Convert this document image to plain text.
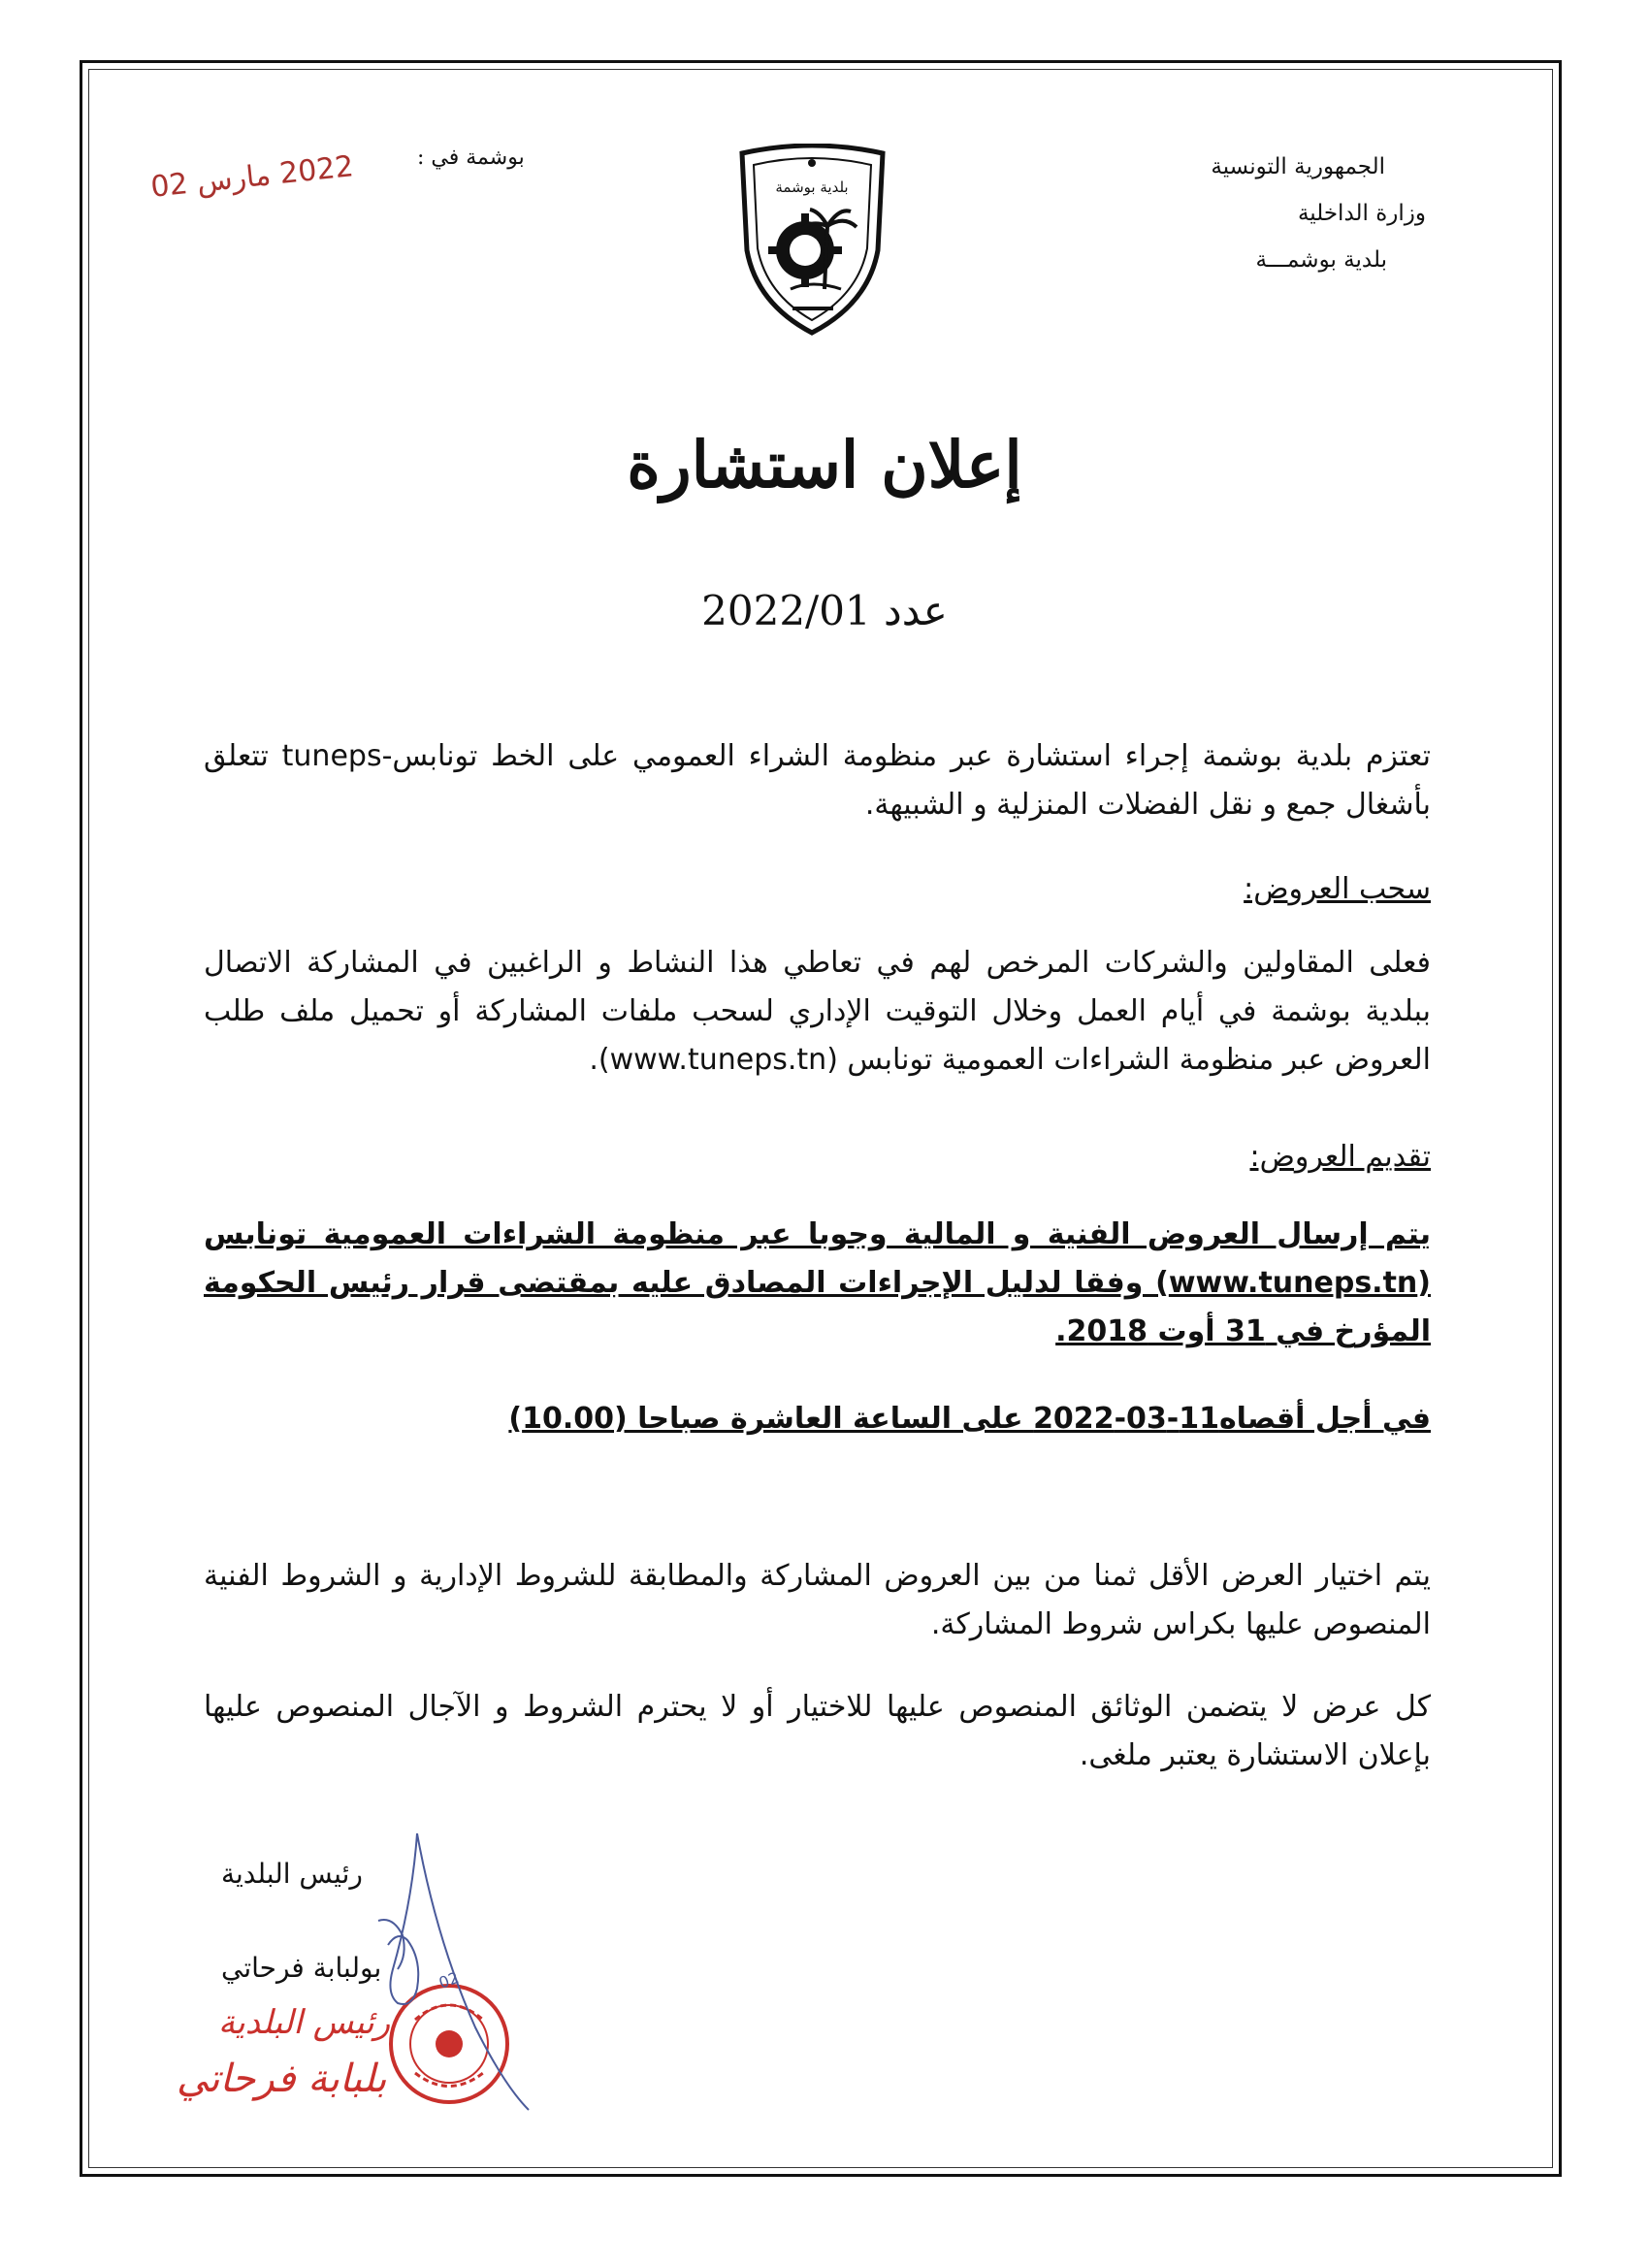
الجمهورية التونسية
وزارة الداخلية
بلدية بوشمـــة
بوشمة في :
2022 مارس 02	بلدية بوشمة
إعلان استشارة
عدد 2022/01
تعتزم بلدية بوشمة إجراء استشارة عبر منظومة الشراء العمومي على الخط تونابس-tuneps تتعلق بأشغال جمع و نقل الفضلات المنزلية و الشبيهة.
سحب العروض:
فعلى المقاولين والشركات المرخص لهم في تعاطي هذا النشاط و الراغبين في المشاركة الاتصال ببلدية بوشمة في أيام العمل وخلال التوقيت الإداري لسحب ملفات المشاركة أو تحميل ملف طلب العروض عبر منظومة الشراءات العمومية تونابس (www.tuneps.tn).
تقديم العروض:
يتم إرسال العروض الفنية و المالية وجوبا عبر منظومة الشراءات العمومية تونابس (www.tuneps.tn) وفقا لدليل الإجراءات المصادق عليه بمقتضى قرار رئيس الحكومة المؤرخ في 31 أوت 2018.
في أجل أقصاه11-03-2022 على الساعة العاشرة صباحا (10.00)
يتم اختيار العرض الأقل ثمنا من بين العروض المشاركة والمطابقة للشروط الإدارية و الشروط الفنية المنصوص عليها بكراس شروط المشاركة.
كل عرض لا يتضمن الوثائق المنصوص عليها للاختيار أو لا يحترم الشروط و الآجال المنصوص عليها بإعلان الاستشارة يعتبر ملغى.
رئيس البلدية
بولبابة فرحاتي
رئيس البلدية
بلبابة فرحاتي
02
